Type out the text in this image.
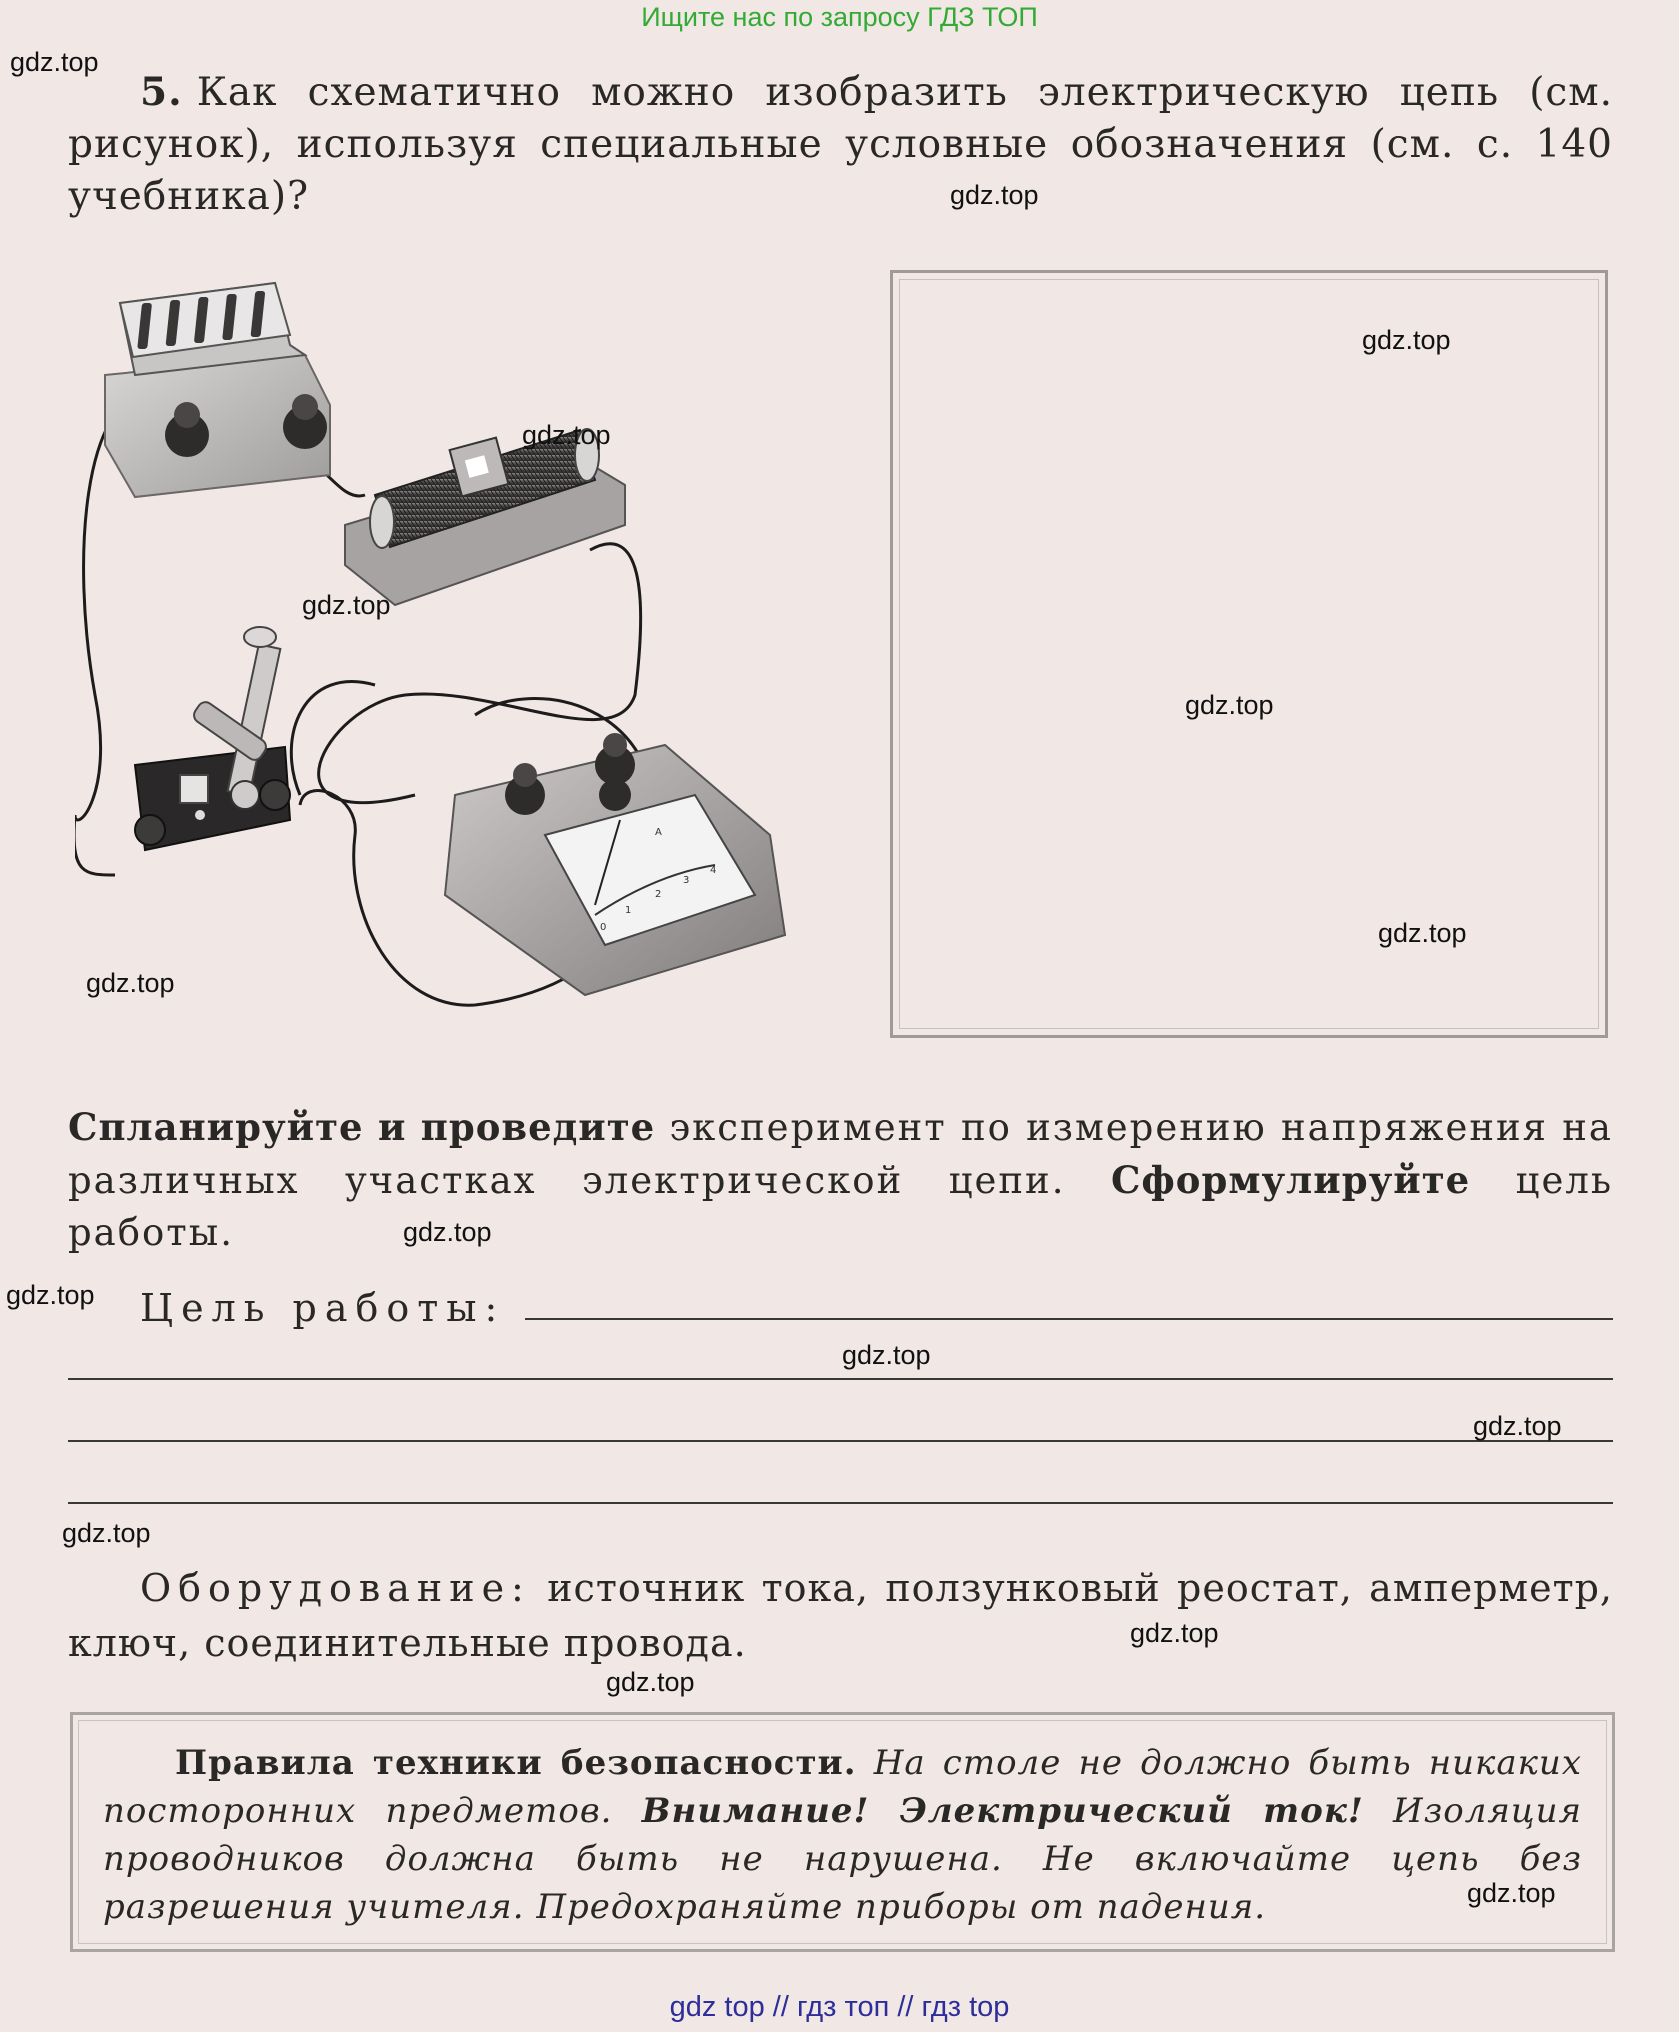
Ищите нас по запросу ГДЗ ТОП
5. Как схематично можно изобразить электрическую цепь (см. рисунок), используя специальные условные обозначения (см. с. 140 учебника)?
A
0
1
2
3
4
Спланируйте и проведите эксперимент по измерению напряжения на различных участках электрической цепи. Сформулируйте цель работы.
Цель работы:
Оборудование: источник тока, ползунковый реостат, амперметр, ключ, соединительные провода.
Правила техники безопасности. На столе не должно быть никаких посторонних предметов. Внимание! Электрический ток! Изоляция проводников должна быть не нарушена. Не включайте цепь без разрешения учителя. Предохраняйте приборы от падения.
gdz.top
gdz.top
gdz.top
gdz.top
gdz.top
gdz.top
gdz.top
gdz.top
gdz.top
gdz.top
gdz.top
gdz.top
gdz.top
gdz.top
gdz.top
gdz.top
gdz top // гдз топ // гдз top
